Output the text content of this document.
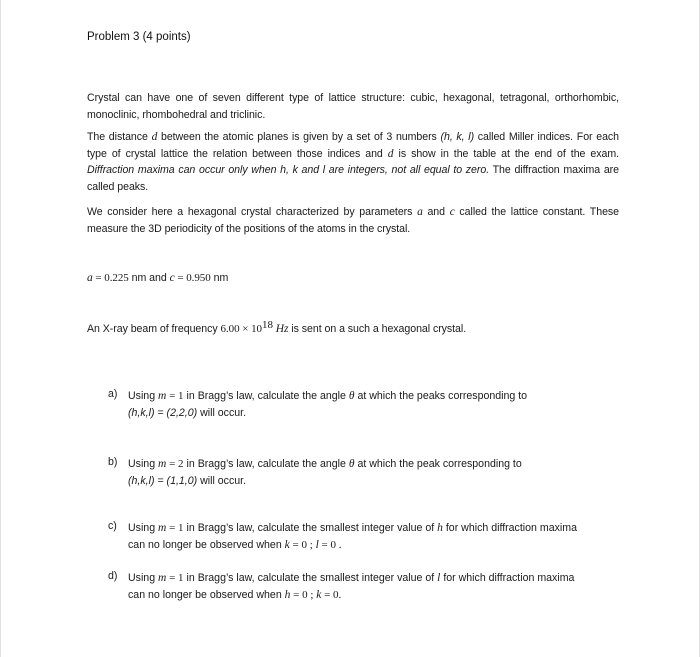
Problem 3 (4 points)
Crystal can have one of seven different type of lattice structure: cubic, hexagonal, tetragonal, orthorhombic, monoclinic, rhombohedral and triclinic.
The distance d between the atomic planes is given by a set of 3 numbers (h, k, l) called Miller indices. For each type of crystal lattice the relation between those indices and d is show in the table at the end of the exam. Diffraction maxima can occur only when h, k and l are integers, not all equal to zero. The diffraction maxima are called peaks.
We consider here a hexagonal crystal characterized by parameters a and c called the lattice constant. These measure the 3D periodicity of the positions of the atoms in the crystal.
a = 0.225 nm and c = 0.950 nm
An X-ray beam of frequency $6.00 \times 10^{18}$ Hz is sent on a such a hexagonal crystal.
a) Using m = 1 in Bragg’s law, calculate the angle θ at which the peaks corresponding to
(h,k,l) = (2,2,0) will occur.
b) Using m = 2 in Bragg’s law, calculate the angle θ at which the peak corresponding to
(h,k,l) = (1,1,0) will occur.
c) Using m = 1 in Bragg’s law, calculate the smallest integer value of h for which diffraction maxima
can no longer be observed when k = 0 ; l = 0 .
d) Using m = 1 in Bragg’s law, calculate the smallest integer value of l for which diffraction maxima
can no longer be observed when h = 0 ; k = 0.
